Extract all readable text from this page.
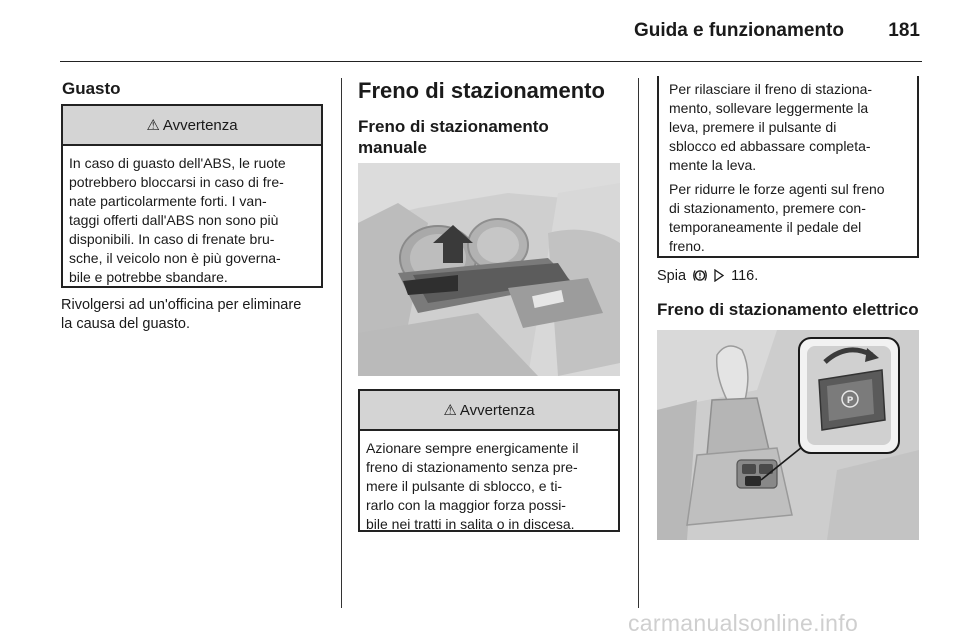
Guida e funzionamento 181
Guasto
⚠ Avvertenza
In caso di guasto dell'ABS, le ruote
potrebbero bloccarsi in caso di fre-
nate particolarmente forti. I van-
taggi offerti dall'ABS non sono più
disponibili. In caso di frenate bru-
sche, il veicolo non è più governa-
bile e potrebbe sbandare.
Rivolgersi ad un'officina per eliminare
la causa del guasto.
Freno di stazionamento
Freno di stazionamento
manuale
⚠ Avvertenza
Azionare sempre energicamente il
freno di stazionamento senza pre-
mere il pulsante di sblocco, e ti-
rarlo con la maggior forza possi-
bile nei tratti in salita o in discesa.

Per rilasciare il freno di staziona-
mento, sollevare leggermente la
leva, premere il pulsante di
sblocco ed abbassare completa-
mente la leva.

Per ridurre le forze agenti sul freno
di stazionamento, premere con-
temporaneamente il pedale del
freno.

Spia ! 116.
Freno di stazionamento elettrico
P
carmanualsonline.info
